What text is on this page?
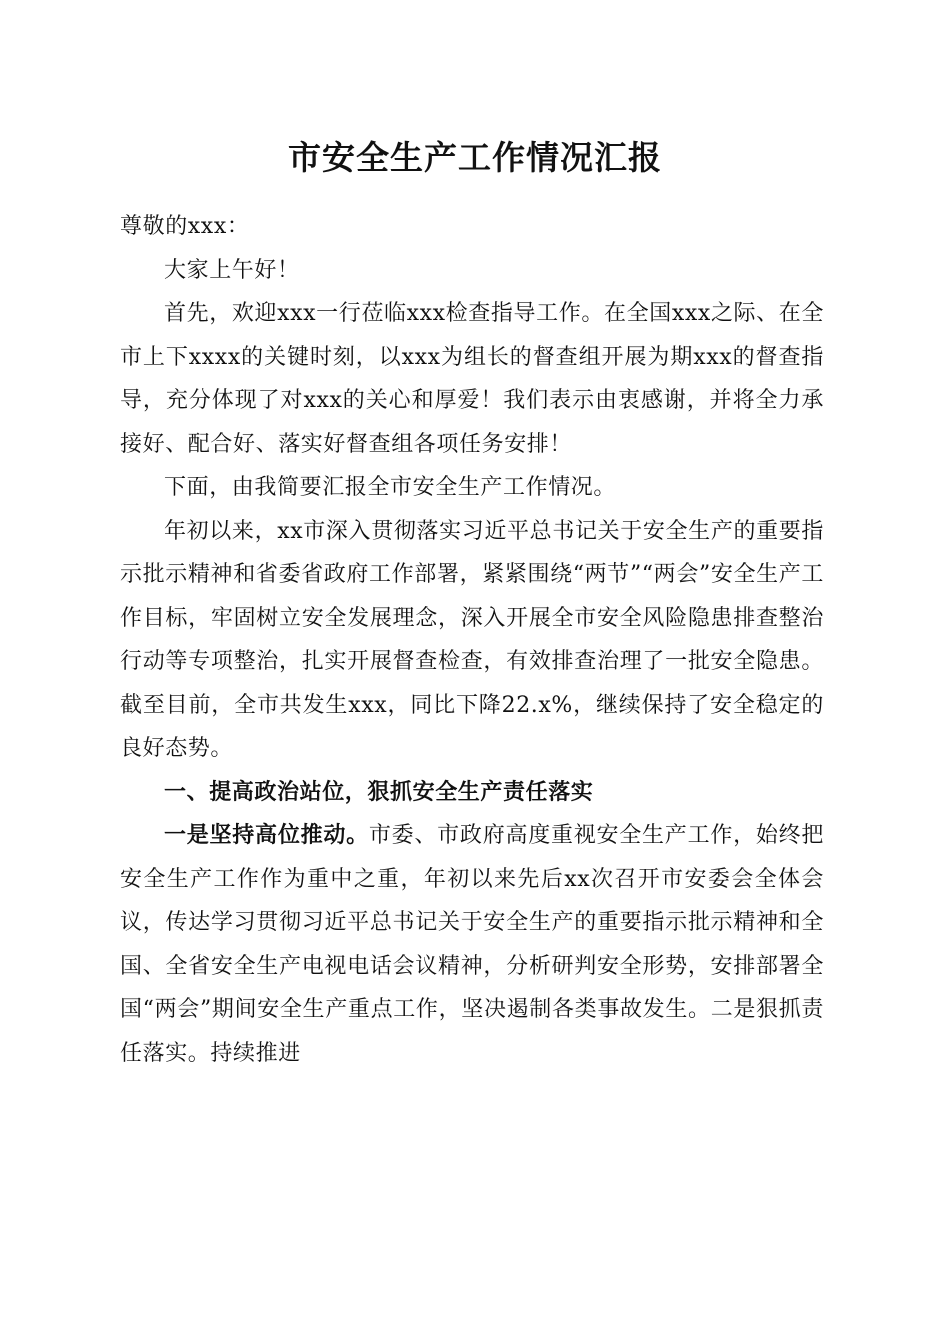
市安全生产工作情况汇报

尊敬的xxx：

大家上午好！

首先，欢迎xxx一行莅临xxx检查指导工作。在全国xxx之际、在全市上下xxxx的关键时刻，以xxx为组长的督查组开展为期xxx的督查指导，充分体现了对xxx的关心和厚爱！我们表示由衷感谢，并将全力承接好、配合好、落实好督查组各项任务安排！

下面，由我简要汇报全市安全生产工作情况。

年初以来，xx市深入贯彻落实习近平总书记关于安全生产的重要指示批示精神和省委省政府工作部署，紧紧围绕“两节”“两会”安全生产工作目标，牢固树立安全发展理念，深入开展全市安全风险隐患排查整治行动等专项整治，扎实开展督查检查，有效排查治理了一批安全隐患。截至目前，全市共发生xxx，同比下降22.x%，继续保持了安全稳定的良好态势。

一、提高政治站位，狠抓安全生产责任落实

一是坚持高位推动。市委、市政府高度重视安全生产工作，始终把安全生产工作作为重中之重，年初以来先后xx次召开市安委会全体会议，传达学习贯彻习近平总书记关于安全生产的重要指示批示精神和全国、全省安全生产电视电话会议精神，分析研判安全形势，安排部署全国“两会”期间安全生产重点工作，坚决遏制各类事故发生。二是狠抓责任落实。持续推进
